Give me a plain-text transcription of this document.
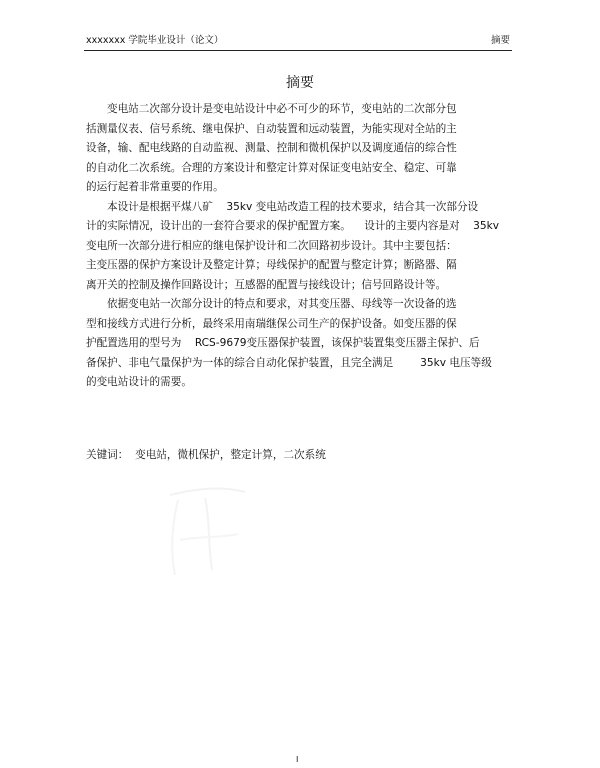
xxxxxxx 学院毕业设计（论文）	摘要
摘要
变电站二次部分设计是变电站设计中必不可少的环节，变电站的二次部分包
括测量仪表、信号系统、继电保护、自动装置和远动装置，为能实现对全站的主
设备，输、配电线路的自动监视、测量、控制和微机保护以及调度通信的综合性
的自动化二次系统。合理的方案设计和整定计算对保证变电站安全、稳定、可靠
的运行起着非常重要的作用。
本设计是根据平煤八矿    35kv 变电站改造工程的技术要求，结合其一次部分设
计的实际情况，设计出的一套符合要求的保护配置方案。    设计的主要内容是对    35kv
变电所一次部分进行相应的继电保护设计和二次回路初步设计。其中主要包括：
主变压器的保护方案设计及整定计算；母线保护的配置与整定计算；断路器、隔
离开关的控制及操作回路设计；互感器的配置与接线设计；信号回路设计等。
依据变电站一次部分设计的特点和要求，对其变压器、母线等一次设备的选
型和接线方式进行分析，最终采用南瑞继保公司生产的保护设备。如变压器的保
护配置选用的型号为    RCS-9679变压器保护装置，该保护装置集变压器主保护、后
备保护、非电气量保护为一体的综合自动化保护装置，且完全满足        35kv 电压等级
的变电站设计的需要。
关键词：  变电站，微机保护，整定计算，二次系统
I
